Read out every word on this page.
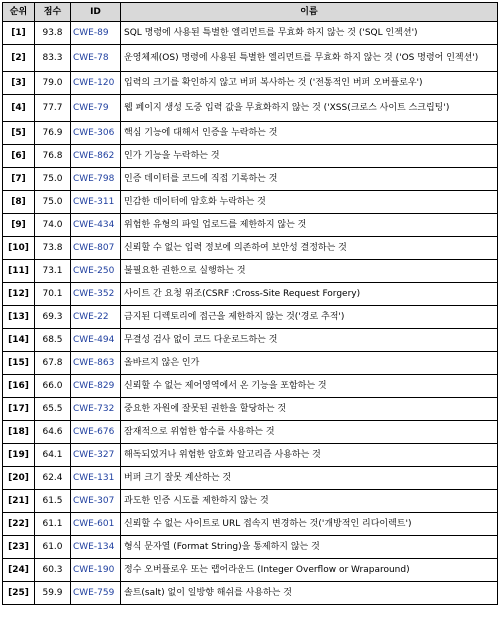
순위	점수	ID	이름
[1]	93.8	CWE-89	SQL 명령에 사용된 특별한 엘리먼트를 무효화 하지 않는 것 ('SQL 인젝션')
[2]	83.3	CWE-78	운영체제(OS) 명령에 사용된 특별한 엘리먼트를 무효화 하지 않는 것 ('OS 명령어 인젝션')
[3]	79.0	CWE-120	입력의 크기를 확인하지 않고 버퍼 복사하는 것 ('전통적인 버퍼 오버플로우')
[4]	77.7	CWE-79	웹 페이지 생성 도중 입력 값을 무효화하지 않는 것 ('XSS(크로스 사이트 스크립팅')
[5]	76.9	CWE-306	핵심 기능에 대해서 인증을 누락하는 것
[6]	76.8	CWE-862	인가 기능을 누락하는 것
[7]	75.0	CWE-798	인증 데이터를 코드에 직접 기록하는 것
[8]	75.0	CWE-311	민감한 데이터에 암호화 누락하는 것
[9]	74.0	CWE-434	위험한 유형의 파일 업로드를 제한하지 않는 것
[10]	73.8	CWE-807	신뢰할 수 없는 입력 정보에 의존하여 보안성 결정하는 것
[11]	73.1	CWE-250	불필요한 권한으로 실행하는 것
[12]	70.1	CWE-352	사이트 간 요청 위조(CSRF :Cross-Site Request Forgery)
[13]	69.3	CWE-22	금지된 디렉토리에 접근을 제한하지 않는 것('경로 추적')
[14]	68.5	CWE-494	무결성 검사 없이 코드 다운로드하는 것
[15]	67.8	CWE-863	올바르지 않은 인가
[16]	66.0	CWE-829	신뢰할 수 없는 제어영역에서 온 기능을 포함하는 것
[17]	65.5	CWE-732	중요한 자원에 잘못된 권한을 할당하는 것
[18]	64.6	CWE-676	잠재적으로 위험한 함수를 사용하는 것
[19]	64.1	CWE-327	해독되었거나 위험한 암호화 알고리즘 사용하는 것
[20]	62.4	CWE-131	버퍼 크기 잘못 계산하는 것
[21]	61.5	CWE-307	과도한 인증 시도를 제한하지 않는 것
[22]	61.1	CWE-601	신뢰할 수 없는 사이트로 URL 접속지 변경하는 것('개방적인 리다이렉트')
[23]	61.0	CWE-134	형식 문자열 (Format String)을 통제하지 않는 것
[24]	60.3	CWE-190	정수 오버플로우 또는 랩어라운드 (Integer Overflow or Wraparound)
[25]	59.9	CWE-759	솔트(salt) 없이 일방향 해쉬를 사용하는 것
